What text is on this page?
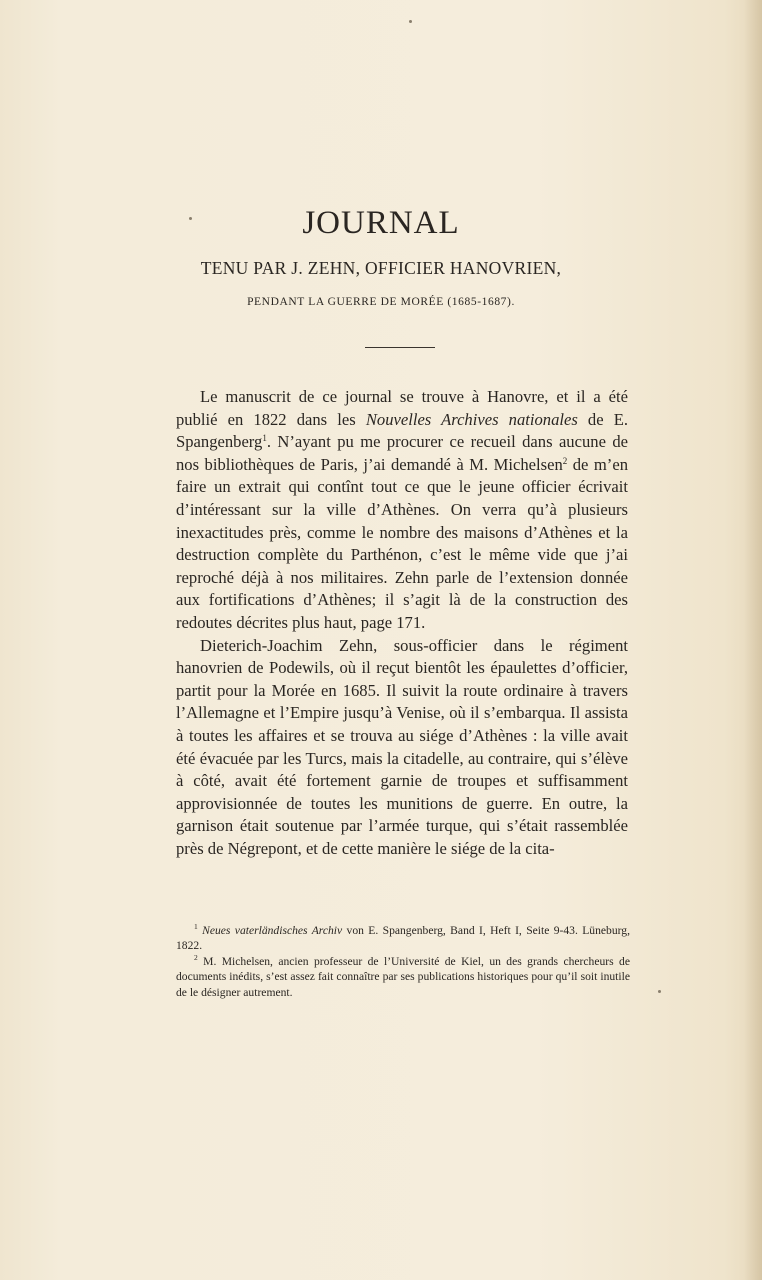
JOURNAL
TENU PAR J. ZEHN, OFFICIER HANOVRIEN,
PENDANT LA GUERRE DE MORÉE (1685-1687).

Le manuscrit de ce journal se trouve à Hanovre, et il a été publié en 1822 dans les Nouvelles Archives nationales de E. Spangenberg$^1$. N’ayant pu me procurer ce recueil dans aucune de nos bibliothèques de Paris, j’ai demandé à M. Michelsen$^2$ de m’en faire un extrait qui contînt tout ce que le jeune officier écrivait d’intéressant sur la ville d’Athènes. On verra qu’à plusieurs inexactitudes près, comme le nombre des maisons d’Athènes et la destruction complète du Parthénon, c’est le même vide que j’ai reproché déjà à nos militaires. Zehn parle de l’extension donnée aux fortifications d’Athènes; il s’agit là de la construction des redoutes décrites plus haut, page 171.

Dieterich-Joachim Zehn, sous-officier dans le régiment hanovrien de Podewils, où il reçut bientôt les épaulettes d’officier, partit pour la Morée en 1685. Il suivit la route ordinaire à travers l’Allemagne et l’Empire jusqu’à Venise, où il s’embarqua. Il assista à toutes les affaires et se trouva au siége d’Athènes : la ville avait été évacuée par les Turcs, mais la citadelle, au contraire, qui s’élève à côté, avait été fortement garnie de troupes et suffisamment approvisionnée de toutes les munitions de guerre. En outre, la garnison était soutenue par l’armée turque, qui s’était rassemblée près de Négrepont, et de cette manière le siége de la cita-

$^1$ Neues vaterländisches Archiv von E. Spangenberg, Band I, Heft I, Seite 9-43. Lüneburg, 1822.

$^2$ M. Michelsen, ancien professeur de l’Université de Kiel, un des grands chercheurs de documents inédits, s’est assez fait connaître par ses publications historiques pour qu’il soit inutile de le désigner autrement.
